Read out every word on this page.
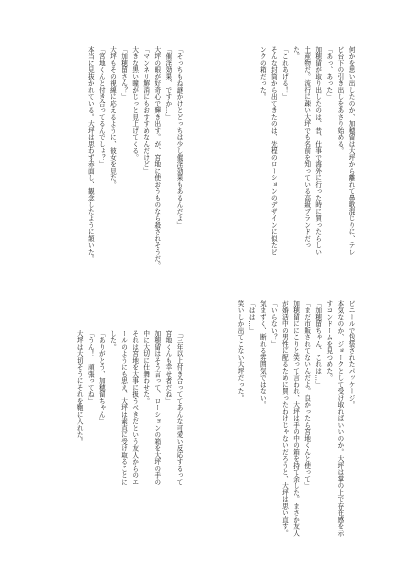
何かを思い出したのか、加穂留は大坪から離れて鼻歌混じりに、テレビ台下の引き出しをあさり始める。
「あっ、あった」
加穂留が取り出したのは、昔、仕事で海外に行った時に買ったらしい土産物だ。流行に疎い大坪でも名前を知っている高級ブランドだった。
「これあげる！」
そんな封筒から出てきたのは、先程のローションのデザインに似たピンクの箱だった。
ビニールで包装されたパッケージ。
本気なのか、ジョークとして受け取ればいいのか。大坪は掌の上で存在感を示すコンドームを見つめた。
「加穂留ちゃん、これは…」
「まだ市販されてないんだよ。良かったら宮地くんと使って」
加穂留ににこりと笑って言われ、大坪は手の中の箱を持て余した。まさか友人が婚活中の男性に配るために買ったわけじゃないだろうと、大坪は思い直す。
「いらない？」
気まずく、断れる雰囲気ではない。
「はは…」
笑いしか出てこない大坪だった。
「そっちもね謎かけとどっちは少し催淫効果もあるんだよ」
「催淫効果、ですか…」
大坪の眼が好奇心で輝き出す。が、宮地に使おうものなら殺されそうだ。
「マンネリ解消にもおすすめなんだけど」
大きな黒い瞳がじっと見上げてくる。
「加穂留さん？」
大坪もその視線に応えるように、彼女を見た。
「宮地くんと付き合ってるんでしょ？」
本当に見抜かれている。大坪は思わず赤面し、観念したように頷いた。
「三年以上付き合っててあんな可愛い反応するって宮地くんも幸せ者だね」
加穂留はそう言って、ローションの箱を大坪の手の中に大切に仕舞わせた。
それは宮地を大事に扱うべきだという友人からのエールのようにも思え、大坪は素直に受け取ることにした。
「ありがとう、加穂留ちゃん」
「うん！　頑張ってね」
大坪は大切そうにそれを鞄に入れた。
